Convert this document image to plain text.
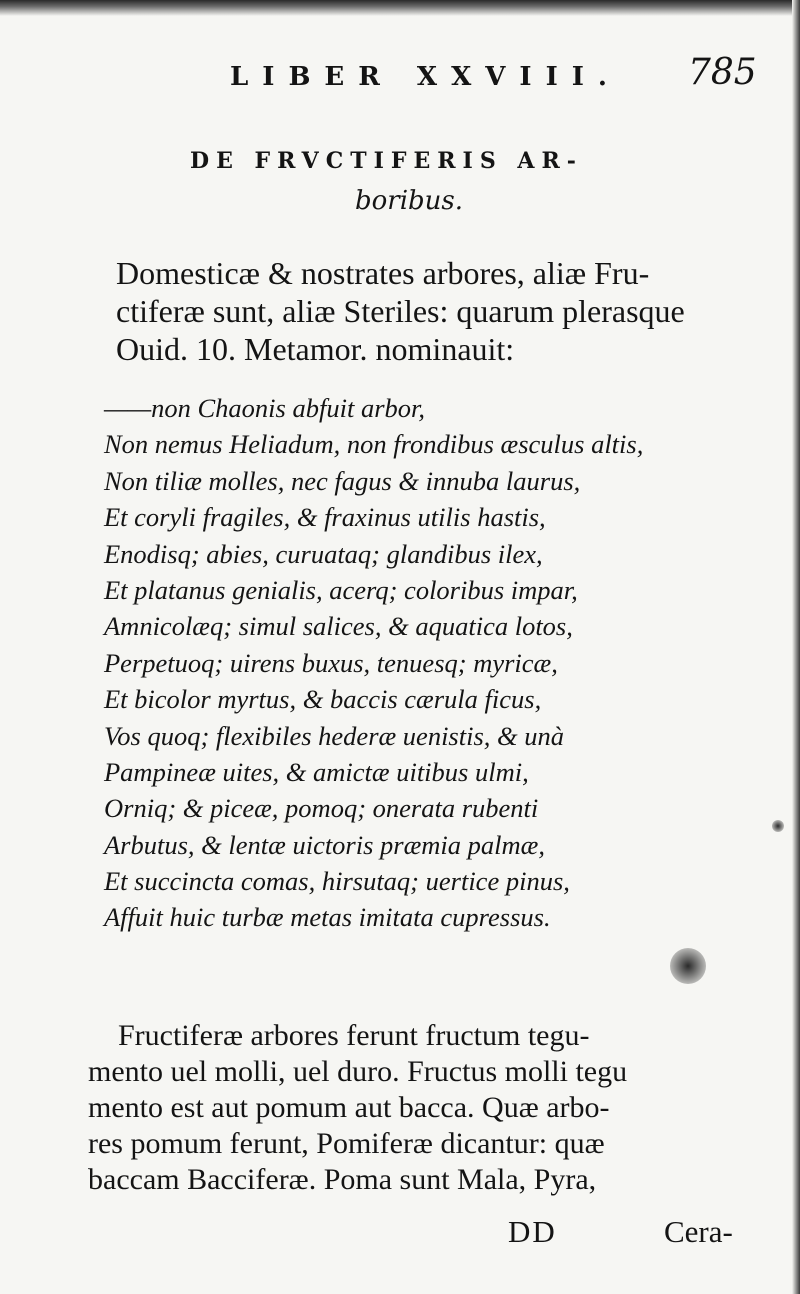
LIBER XXVIII. 785
DE FRVCTIFERIS AR-
boribus.
Domesticæ & nostrates arbores, aliæ Fru-
ctiferæ sunt, aliæ Steriles: quarum plerasque
Ouid. 10. Metamor. nominauit:
——non Chaonis abfuit arbor,
Non nemus Heliadum, non frondibus æsculus altis,
Non tiliæ molles, nec fagus & innuba laurus,
Et coryli fragiles, & fraxinus utilis hastis,
Enodisq; abies, curuataq; glandibus ilex,
Et platanus genialis, acerq; coloribus impar,
Amnicolæq; simul salices, & aquatica lotos,
Perpetuoq; uirens buxus, tenuesq; myricæ,
Et bicolor myrtus, & baccis cærula ficus,
Vos quoq; flexibiles hederæ uenistis, & unà
Pampineæ uites, & amictæ uitibus ulmi,
Orniq; & piceæ, pomoq; onerata rubenti
Arbutus, & lentæ uictoris præmia palmæ,
Et succincta comas, hirsutaq; uertice pinus,
Affuit huic turbæ metas imitata cupressus.
Fructiferæ arbores ferunt fructum tegu-
mento uel molli, uel duro. Fructus molli tegu
mento est aut pomum aut bacca. Quæ arbo-
res pomum ferunt, Pomiferæ dicantur: quæ
baccam Bacciferæ. Poma sunt Mala, Pyra,
DD	Cera-
